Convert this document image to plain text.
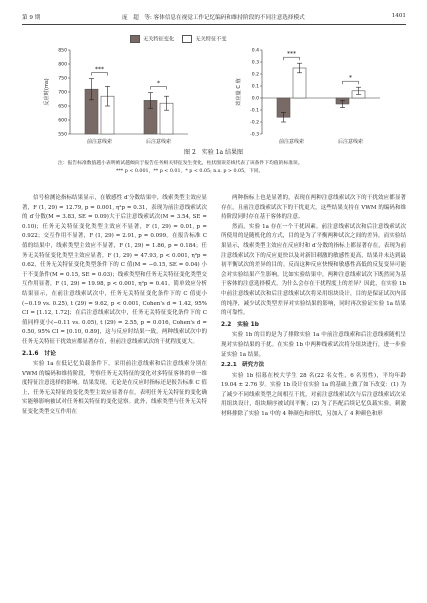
第 9 期	庞　超　等: 客体信息在视觉工作记忆编码和维持阶段的不同注意选择模式	1401
无关特征变化	无关特征不变
550
600
650
700
750
800
850
反应时(ms)
前注意线索
***
后注意线索
*
-0.3
-0.2
-0.1
0.0
0.1
0.2
0.3
0.4
效应量 C 值
前注意线索
***
后注意线索
*
图 2　实验 1a 结果图
注：报告标准数值越小表明被试越倾向于报告任务相关特征发生变化，柱状图误差线代表了该条件下均值的标准误。
*** p < 0.001，** p < 0.01，* p < 0.05; n.s. p > 0.05，下同。

信号检测论指标结果显示，在敏感性 d′分数结果中，线索类型主效应显著，F (1, 29) = 12.79, p = 0.001, η²p = 0.31，表现为前注意线索试次的 d′分数(M = 3.83, SE = 0.09)大于后注意线索试次(M = 3.54, SE = 0.10)；任务无关特征变化类型主效应不显著，F (1, 29) = 0.01, p = 0.922；交互作用不显著，F (1, 29) = 2.91, p = 0.099。在报告标准 C 值的结果中，线索类型主效应不显著，F (1, 29) = 1.86, p = 0.184；任务无关特征变化类型主效应显著，F (1, 29) = 47.93, p < 0.001, η²p = 0.62，任务无关特征变化类型条件下的 C 值(M = −0.15, SE = 0.04) 小于不变条件(M = 0.15, SE = 0.03)；线索类型和任务无关特征变化类型交互作用显著，F (1, 29) = 19.98, p < 0.001, η²p = 0.41。简单效应分析结果显示，在前注意线索试次中，任务无关特征变化条件下的 C 值更小(−0.19 vs. 0.25), t (29) = 9.62, p < 0.001, Cohen's d = 1.42, 95% CI = [1.12, 1.72]；在后注意线索试次中，任务无关特征变化条件下的 C 值同样更小(−0.11 vs. 0.05), t (29) = 2.55, p = 0.016, Cohen's d = 0.50, 95% CI = [0.10, 0.89]，这与反应时结果一致。两种线索试次中的任务无关特征干扰效应都显著存在，但前注意线索试次的干扰程度更大。

2.1.6　讨论

实验 1a 在低记忆负载条件下，采用前注意线索和后注意线索分别在 VWM 的编码和维持阶段，考察任务无关特征的变化对多特征客体的单一维度特征注意选择的影响。结果发现，无论是在反应时指标还是报告标准 C 值上，任务无关特征的变化类型主效应显著存在，表明任务无关特征的变化确实能够影响被试对任务相关特征的变化觉察。此外，线索类型与任务无关特征变化类型交互作用在

两种指标上也是显著的，表现在两种注意线索试次下的干扰效应都显著存在，且前注意线索试次下的干扰更大，这些结果支持在 VWM 的编码和维持阶段同时存在基于客体的注意。

然而，实验 1a 存在一个干扰因素。前注意线索试次和后注意线索试次所使用的是随机化的方式，目的是为了平衡两种试次之间的差异，而实验结果显示，线索类型主效应在反应时和 d′分数的指标上都显著存在，表现为前注意线索试次下的反应更快以及对新旧刺激的敏感性更高，结果并未达到最初平衡试次的差异的目的。反而这种反应快慢和敏感性高低的反复变异可能会对实验结果产生影响。比如实验结果中，两种注意线索试次下既然同为基于客体的注意选择模式，为什么会存在干扰程度上的差异？因此，在实验 1b 中前注意线索试次和后注意线索试次将采用组块设计，目的是保证试次内部的纯净，减少试次类型差异对实验结果的影响，同时再次验证实验 1a 结果的可靠性。

2.2　实验 1b

实验 1b 的目的是为了排除实验 1a 中前注意线索和后注意线索随机呈现对实验结果的干扰。在实验 1b 中两种线索试次将分组块进行，进一步验证实验 1a 结果。

2.2.1　研究方法

实验 1b 招募在校大学生 28 名(22 名女性，6 名男性)，平均年龄 19.04 ± 2.76 岁。实验 1b 设计在实验 1a 的基础上做了如下改变：(1) 为了减少不同线索类型之间相互干扰，对前注意线索试次与后注意线索试次采用组块设计，组块顺序被试间平衡；(2) 为了匹配后续记忆负载实验，刺激材料排除了实验 1a 中的 4 种颜色和形状，另加入了 4 种颜色和形
